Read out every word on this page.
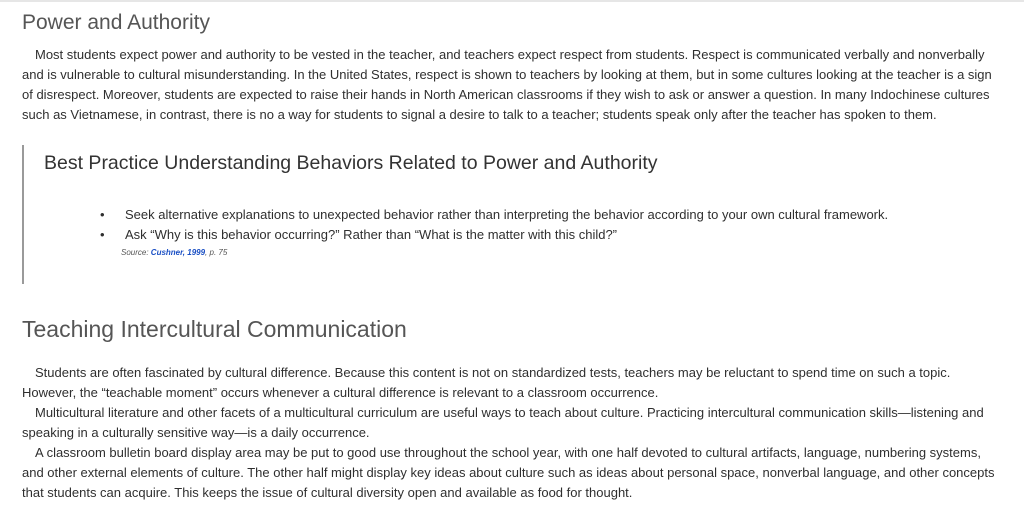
Power and Authority

Most students expect power and authority to be vested in the teacher, and teachers expect respect from students. Respect is communicated verbally and nonverbally and is vulnerable to cultural misunderstanding. In the United States, respect is shown to teachers by looking at them, but in some cultures looking at the teacher is a sign of disrespect. Moreover, students are expected to raise their hands in North American classrooms if they wish to ask or answer a question. In many Indochinese cultures such as Vietnamese, in contrast, there is no a way for students to signal a desire to talk to a teacher; students speak only after the teacher has spoken to them.

Best Practice Understanding Behaviors Related to Power and Authority
• Seek alternative explanations to unexpected behavior rather than interpreting the behavior according to your own cultural framework.
• Ask “Why is this behavior occurring?” Rather than “What is the matter with this child?”
Source: Cushner, 1999, p. 75
Teaching Intercultural Communication

Students are often fascinated by cultural difference. Because this content is not on standardized tests, teachers may be reluctant to spend time on such a topic. However, the “teachable moment” occurs whenever a cultural difference is relevant to a classroom occurrence.

Multicultural literature and other facets of a multicultural curriculum are useful ways to teach about culture. Practicing intercultural communication skills—listening and speaking in a culturally sensitive way—is a daily occurrence.

A classroom bulletin board display area may be put to good use throughout the school year, with one half devoted to cultural artifacts, language, numbering systems, and other external elements of culture. The other half might display key ideas about culture such as ideas about personal space, nonverbal language, and other concepts that students can acquire. This keeps the issue of cultural diversity open and available as food for thought.
